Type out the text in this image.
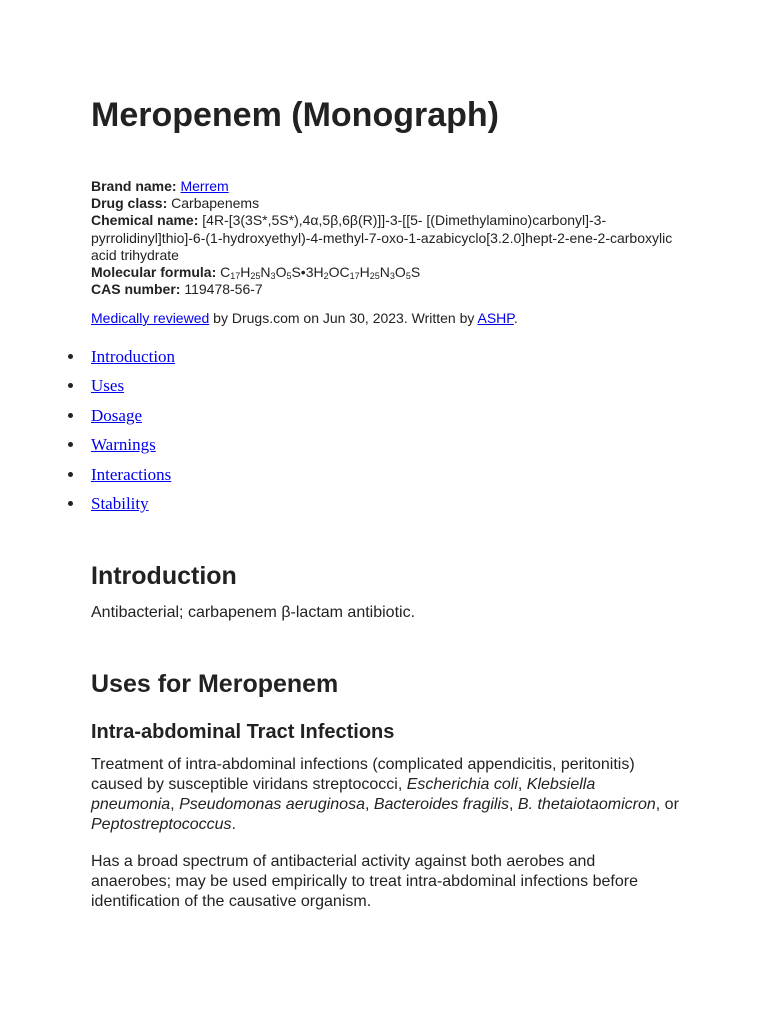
Meropenem (Monograph)

Brand name: Merrem

Drug class: Carbapenems

Chemical name: [4R-[3(3S*,5S*),4α,5β,6β(R)]]-3-[[5- [(Dimethylamino)carbonyl]-3-pyrrolidinyl]thio]-6-(1-hydroxyethyl)-4-methyl-7-oxo-1-azabicyclo[3.2.0]hept-2-ene-2-carboxylic acid trihydrate

Molecular formula: $C_{17}H_{25}N_3O_5S•3H_2OC_{17}H_{25}N_3O_5S$

CAS number: 119478-56-7

Medically reviewed by Drugs.com on Jun 30, 2023. Written by ASHP.

Introduction
Uses
Dosage
Warnings
Interactions
Stability
Introduction

Antibacterial; carbapenem β-lactam antibiotic.

Uses for Meropenem
Intra-abdominal Tract Infections

Treatment of intra-abdominal infections (complicated appendicitis, peritonitis) caused by susceptible viridans streptococci, Escherichia coli, Klebsiella pneumonia, Pseudomonas aeruginosa, Bacteroides fragilis, B. thetaiotaomicron, or Peptostreptococcus.

Has a broad spectrum of antibacterial activity against both aerobes and anaerobes; may be used empirically to treat intra-abdominal infections before identification of the causative organism.
